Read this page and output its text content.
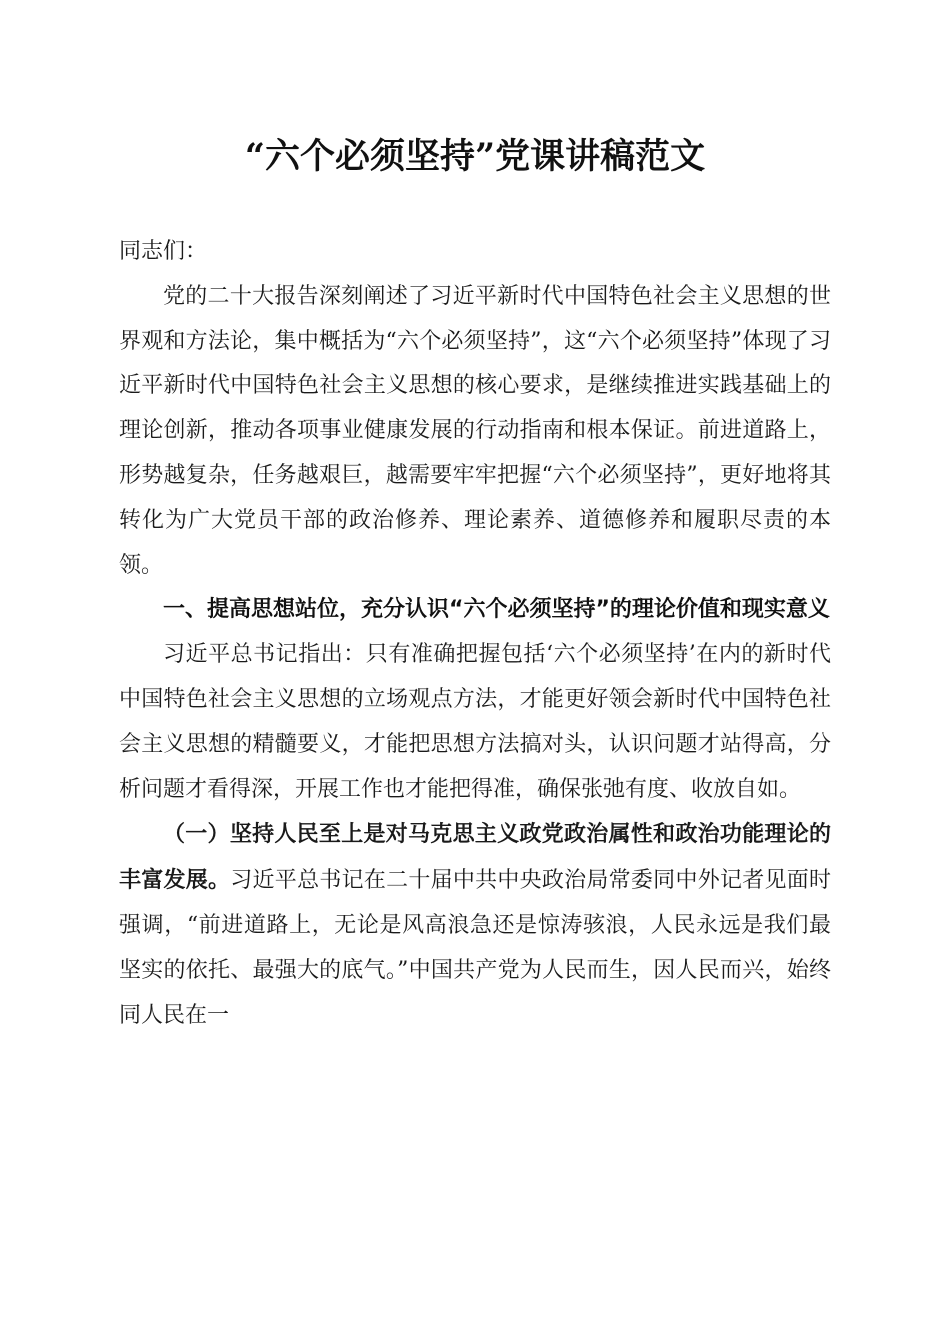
“六个必须坚持”党课讲稿范文

同志们：

党的二十大报告深刻阐述了习近平新时代中国特色社会主义思想的世界观和方法论，集中概括为“六个必须坚持”，这“六个必须坚持”体现了习近平新时代中国特色社会主义思想的核心要求，是继续推进实践基础上的理论创新，推动各项事业健康发展的行动指南和根本保证。前进道路上，形势越复杂，任务越艰巨，越需要牢牢把握“六个必须坚持”，更好地将其转化为广大党员干部的政治修养、理论素养、道德修养和履职尽责的本领。

一、提高思想站位，充分认识“六个必须坚持”的理论价值和现实意义

习近平总书记指出：只有准确把握包括‘六个必须坚持’在内的新时代中国特色社会主义思想的立场观点方法，才能更好领会新时代中国特色社会主义思想的精髓要义，才能把思想方法搞对头，认识问题才站得高，分析问题才看得深，开展工作也才能把得准，确保张弛有度、收放自如。

（一）坚持人民至上是对马克思主义政党政治属性和政治功能理论的丰富发展。习近平总书记在二十届中共中央政治局常委同中外记者见面时强调，“前进道路上，无论是风高浪急还是惊涛骇浪，人民永远是我们最坚实的依托、最强大的底气。”中国共产党为人民而生，因人民而兴，始终同人民在一
